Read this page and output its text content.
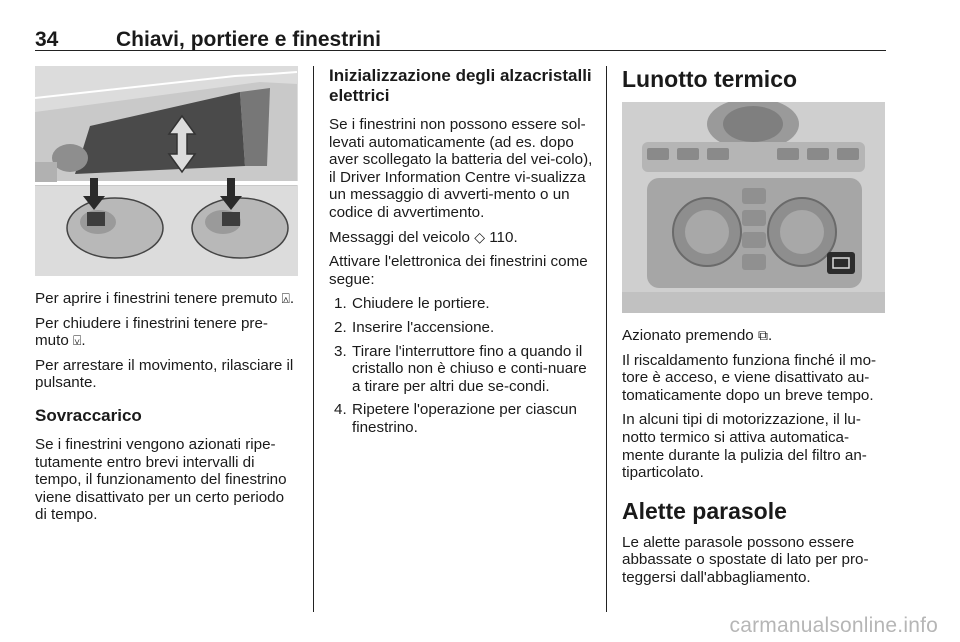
34	Chiavi, portiere e finestrini

Per aprire i finestrini tenere premuto ⍓.

Per chiudere i finestrini tenere pre-muto ⍌.

Per arrestare il movimento, rilasciare il pulsante.

Sovraccarico

Se i finestrini vengono azionati ripe-tutamente entro brevi intervalli di tempo, il funzionamento del finestrino viene disattivato per un certo periodo di tempo.

Inizializzazione degli alzacristalli elettrici

Se i finestrini non possono essere sol-levati automaticamente (ad es. dopo aver scollegato la batteria del vei-colo), il Driver Information Centre vi-sualizza un messaggio di avverti-mento o un codice di avvertimento.

Messaggi del veicolo ◇ 110.

Attivare l'elettronica dei finestrini come segue:

1. Chiudere le portiere.
2. Inserire l'accensione.
3. Tirare l'interruttore fino a quando il cristallo non è chiuso e conti-nuare a tirare per altri due se-condi.
4. Ripetere l'operazione per ciascun finestrino.
Lunotto termico

Azionato premendo ⧉.

Il riscaldamento funziona finché il mo-tore è acceso, e viene disattivato au-tomaticamente dopo un breve tempo.

In alcuni tipi di motorizzazione, il lu-notto termico si attiva automatica-mente durante la pulizia del filtro an-tiparticolato.

Alette parasole

Le alette parasole possono essere abbassate o spostate di lato per pro-teggersi dall'abbagliamento.

carmanualsonline.info
